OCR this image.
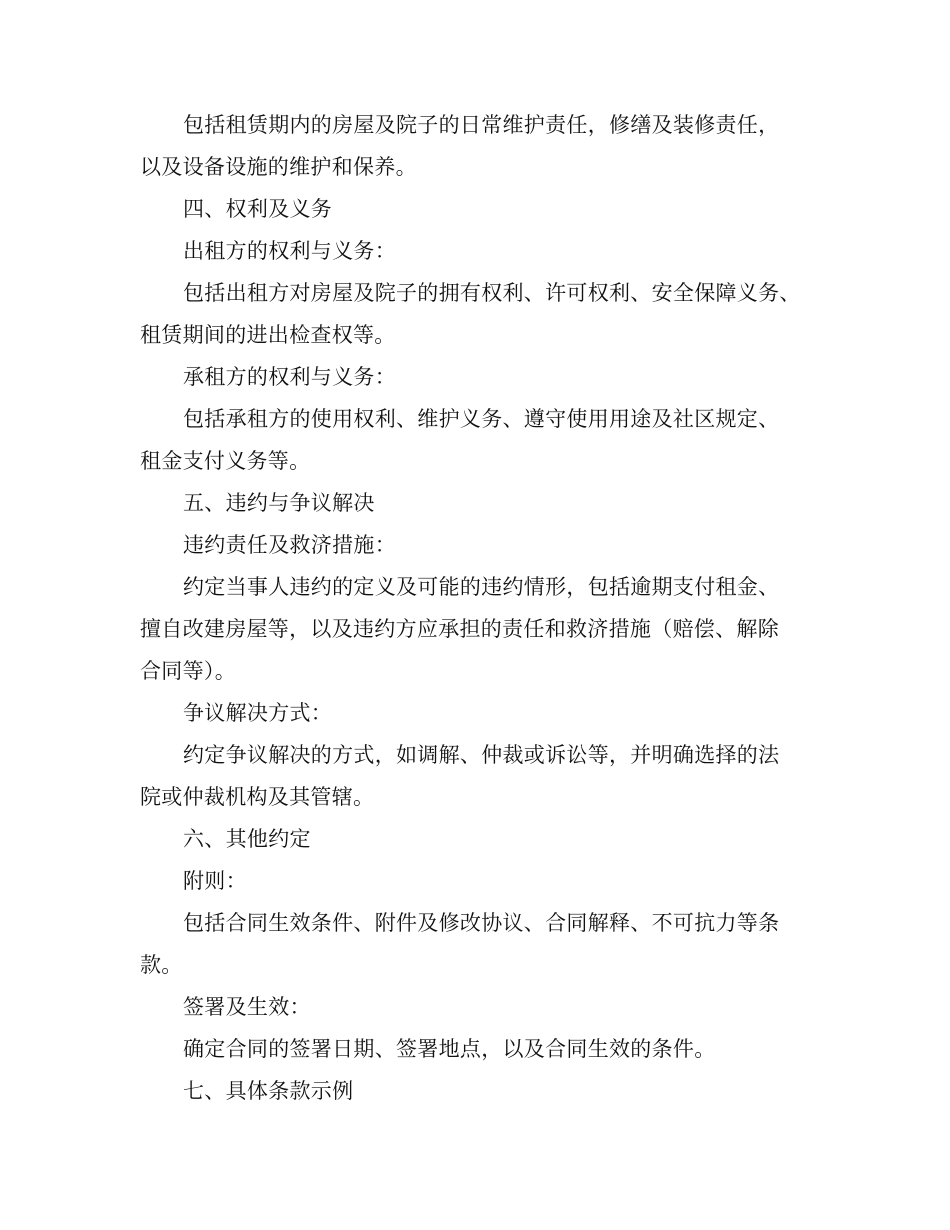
包括租赁期内的房屋及院子的日常维护责任，修缮及装修责任，
以及设备设施的维护和保养。

四、权利及义务

出租方的权利与义务：

包括出租方对房屋及院子的拥有权利、许可权利、安全保障义务、
租赁期间的进出检查权等。

承租方的权利与义务：

包括承租方的使用权利、维护义务、遵守使用用途及社区规定、
租金支付义务等。

五、违约与争议解决

违约责任及救济措施：

约定当事人违约的定义及可能的违约情形，包括逾期支付租金、
擅自改建房屋等，以及违约方应承担的责任和救济措施（赔偿、解除
合同等）。

争议解决方式：

约定争议解决的方式，如调解、仲裁或诉讼等，并明确选择的法
院或仲裁机构及其管辖。

六、其他约定

附则：

包括合同生效条件、附件及修改协议、合同解释、不可抗力等条
款。

签署及生效：

确定合同的签署日期、签署地点，以及合同生效的条件。

七、具体条款示例
